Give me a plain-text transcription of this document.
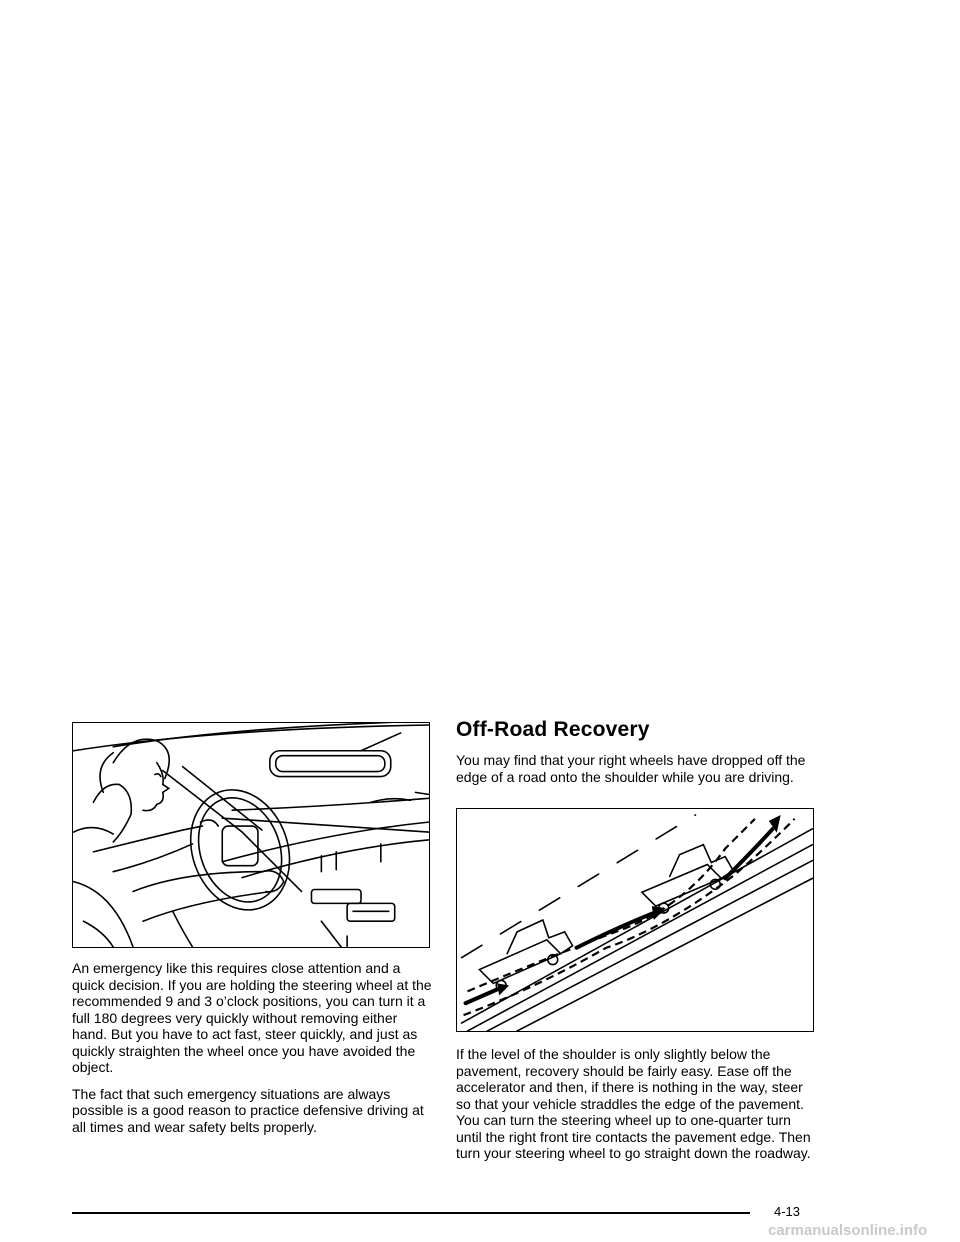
An emergency like this requires close attention and a quick decision. If you are holding the steering wheel at the recommended 9 and 3 o’clock positions, you can turn it a full 180 degrees very quickly without removing either hand. But you have to act fast, steer quickly, and just as quickly straighten the wheel once you have avoided the object.

The fact that such emergency situations are always possible is a good reason to practice defensive driving at all times and wear safety belts properly.

Off-Road Recovery

You may find that your right wheels have dropped off the edge of a road onto the shoulder while you are driving.

If the level of the shoulder is only slightly below the pavement, recovery should be fairly easy. Ease off the accelerator and then, if there is nothing in the way, steer so that your vehicle straddles the edge of the pavement. You can turn the steering wheel up to one-quarter turn until the right front tire contacts the pavement edge. Then turn your steering wheel to go straight down the roadway.

4-13
carmanualsonline.info
